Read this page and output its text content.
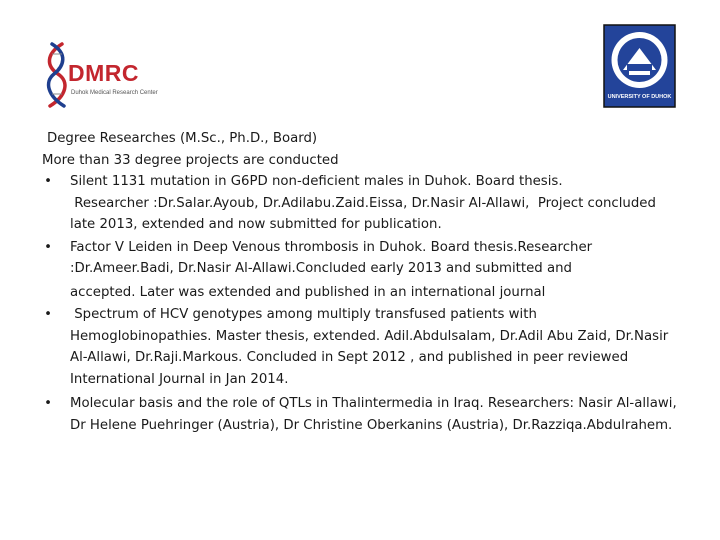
DMRC
Duhok Medical Research Center
UNIVERSITY OF DUHOK
Degree Researches (M.Sc., Ph.D., Board)
More than 33 degree projects are conducted
• Silent 1131 mutation in G6PD non-deficient males in Duhok. Board thesis.

Researcher :Dr.Salar.Ayoub, Dr.Adilabu.Zaid.Eissa, Dr.Nasir Al-Allawi,  Project concluded late 2013, extended and now submitted for publication.

• Factor V Leiden in Deep Venous thrombosis in Duhok. Board thesis.Researcher :Dr.Ameer.Badi, Dr.Nasir Al-Allawi.Concluded early 2013 and submitted and

accepted. Later was extended and published in an international journal

• Spectrum of HCV genotypes among multiply transfused patients with Hemoglobinopathies. Master thesis, extended. Adil.Abdulsalam, Dr.Adil Abu Zaid, Dr.Nasir Al-Allawi, Dr.Raji.Markous. Concluded in Sept 2012 , and published in peer reviewed International Journal in Jan 2014.

• Molecular basis and the role of QTLs in Thalintermedia in Iraq. Researchers: Nasir Al-allawi, Dr Helene Puehringer (Austria), Dr Christine Oberkanins (Austria), Dr.Razziqa.Abdulrahem.
